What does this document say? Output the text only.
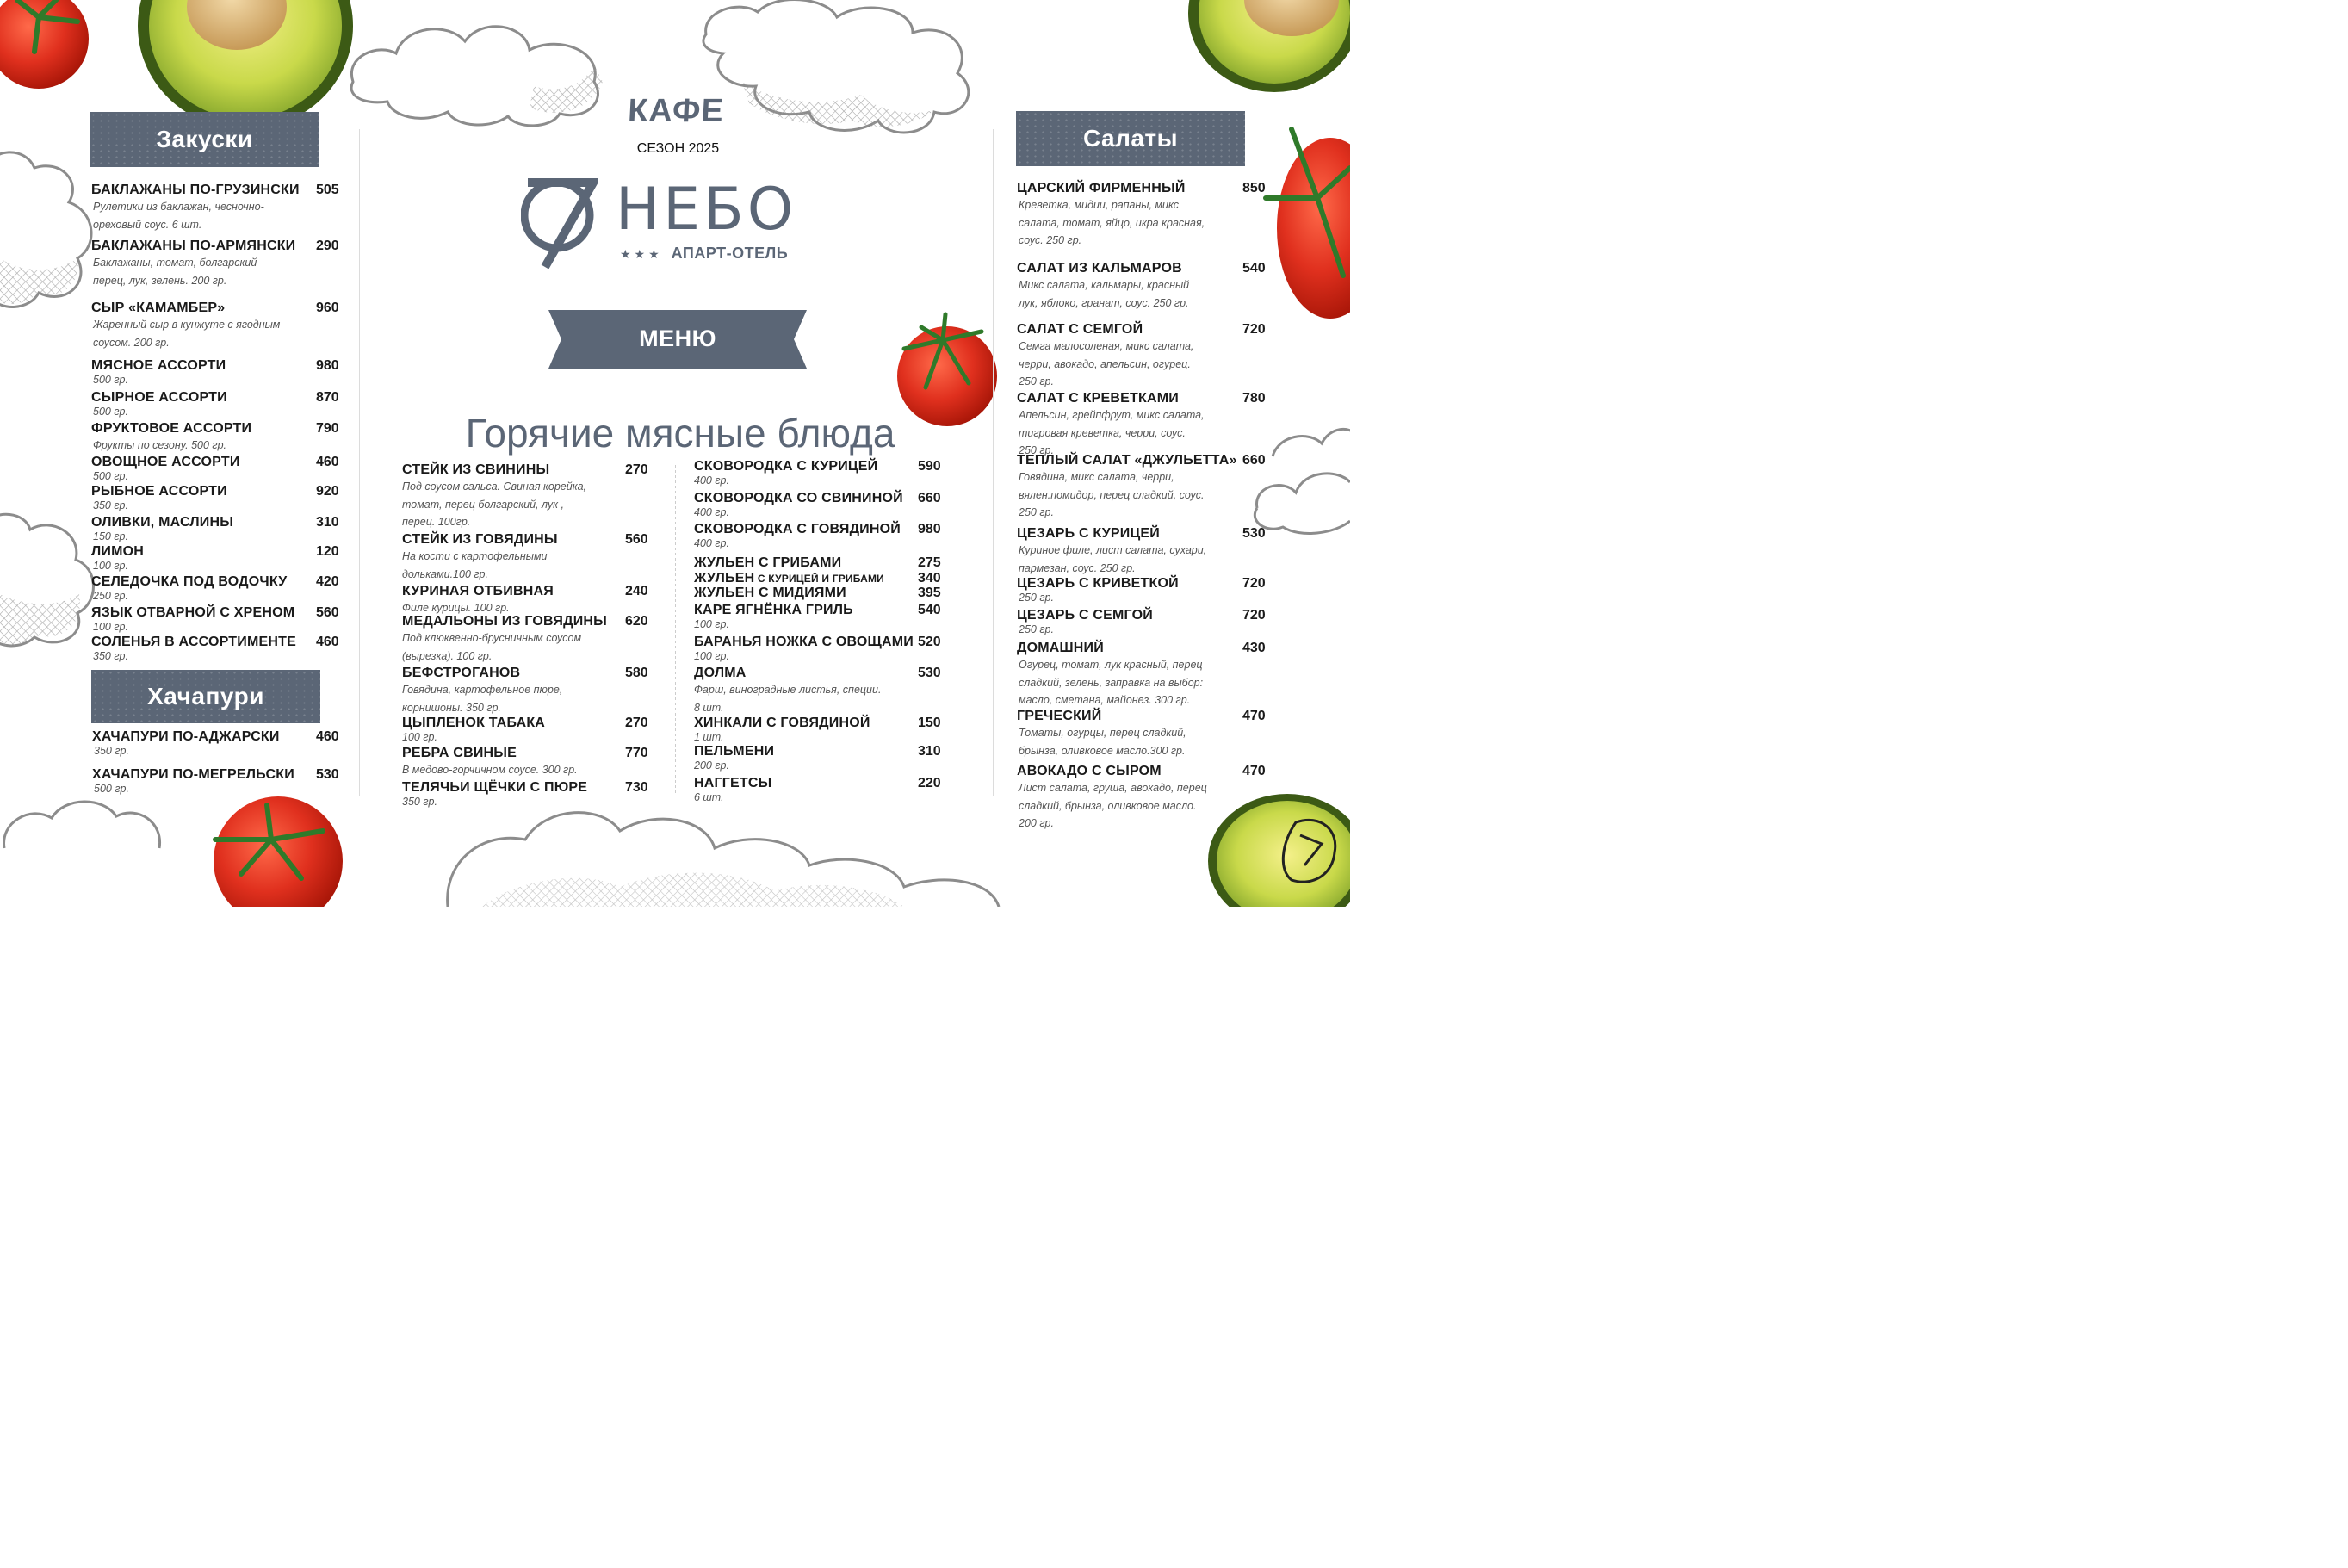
КАФЕ
СЕЗОН 2025
НЕБО
★★★ АПАРТ-ОТЕЛЬ
МЕНЮ
Закуски
Хачапури
Салаты
Горячие мясные блюда
БАКЛАЖАНЫ ПО-ГРУЗИНСКИ	505
Рулетики из баклажан, чесночно-
ореховый соус. 6 шт.
БАКЛАЖАНЫ ПО-АРМЯНСКИ	290
Баклажаны, томат, болгарский
перец, лук, зелень. 200 гр.
СЫР «КАМАМБЕР»	960
Жаренный сыр в кунжуте с ягодным
соусом. 200 гр.
МЯСНОЕ АССОРТИ	980
500 гр.
СЫРНОЕ АССОРТИ	870
500 гр.
ФРУКТОВОЕ АССОРТИ	790
Фрукты по сезону. 500 гр.
ОВОЩНОЕ АССОРТИ	460
500 гр.
РЫБНОЕ АССОРТИ	920
350 гр.
ОЛИВКИ, МАСЛИНЫ	310
150 гр.
ЛИМОН	120
100 гр.
СЕЛЕДОЧКА ПОД ВОДОЧКУ	420
250 гр.
ЯЗЫК ОТВАРНОЙ С ХРЕНОМ	560
100 гр.
СОЛЕНЬЯ В АССОРТИМЕНТЕ	460
350 гр.
ХАЧАПУРИ ПО-АДЖАРСКИ	460
350 гр.
ХАЧАПУРИ ПО-МЕГРЕЛЬСКИ	530
500 гр.
СТЕЙК ИЗ СВИНИНЫ	270
Под соусом сальса. Свиная корейка,
томат, перец болгарский, лук ,
перец. 100гр.
СТЕЙК ИЗ ГОВЯДИНЫ	560
На кости с картофельными
дольками.100 гр.
КУРИНАЯ ОТБИВНАЯ	240
Филе курицы. 100 гр.
МЕДАЛЬОНЫ ИЗ ГОВЯДИНЫ	620
Под клюквенно-брусничным соусом
(вырезка). 100 гр.
БЕФСТРОГАНОВ	580
Говядина, картофельное пюре,
корнишоны. 350 гр.
ЦЫПЛЕНОК ТАБАКА	270
100 гр.
РЕБРА СВИНЫЕ	770
В медово-горчичном соусе. 300 гр.
ТЕЛЯЧЬИ ЩЁЧКИ С ПЮРЕ	730
350 гр.
СКОВОРОДКА С КУРИЦЕЙ	590
400 гр.
СКОВОРОДКА СО СВИНИНОЙ	660
400 гр.
СКОВОРОДКА С ГОВЯДИНОЙ	980
400 гр.
ЖУЛЬЕН С ГРИБАМИ	275
ЖУЛЬЕН С КУРИЦЕЙ И ГРИБАМИ	340
ЖУЛЬЕН С МИДИЯМИ	395
КАРЕ ЯГНЁНКА ГРИЛЬ	540
100 гр.
БАРАНЬЯ НОЖКА С ОВОЩАМИ 520
100 гр.
ДОЛМА	530
Фарш, виноградные листья, специи.
8 шт.
ХИНКАЛИ С ГОВЯДИНОЙ	150
1 шт.
ПЕЛЬМЕНИ	310
200 гр.
НАГГЕТСЫ	220
6 шт.
ЦАРСКИЙ ФИРМЕННЫЙ	850
Креветка, мидии, рапаны, микс
салата, томат, яйцо, икра красная,
соус. 250 гр.
САЛАТ ИЗ КАЛЬМАРОВ	540
Микс салата, кальмары, красный
лук, яблоко, гранат, соус. 250 гр.
САЛАТ С СЕМГОЙ	720
Семга малосоленая, микс салата,
черри, авокадо, апельсин, огурец.
250 гр.
САЛАТ С КРЕВЕТКАМИ	780
Апельсин, грейпфрут, микс салата,
тигровая креветка, черри, соус.
250 гр.
ТЕПЛЫЙ САЛАТ «ДЖУЛЬЕТТА» 660
Говядина, микс салата, черри,
вялен.помидор, перец сладкий, соус.
250 гр.
ЦЕЗАРЬ С КУРИЦЕЙ	530
Куриное филе, лист салата, сухари,
пармезан, соус. 250 гр.
ЦЕЗАРЬ С КРИВЕТКОЙ	720
250 гр.
ЦЕЗАРЬ С СЕМГОЙ	720
250 гр.
ДОМАШНИЙ	430
Огурец, томат, лук красный, перец
сладкий, зелень, заправка на выбор:
масло, сметана, майонез. 300 гр.
ГРЕЧЕСКИЙ	470
Томаты, огурцы, перец сладкий,
брынза, оливковое масло.300 гр.
АВОКАДО С СЫРОМ	470
Лист салата, груша, авокадо, перец
сладкий, брынза, оливковое масло.
200 гр.
